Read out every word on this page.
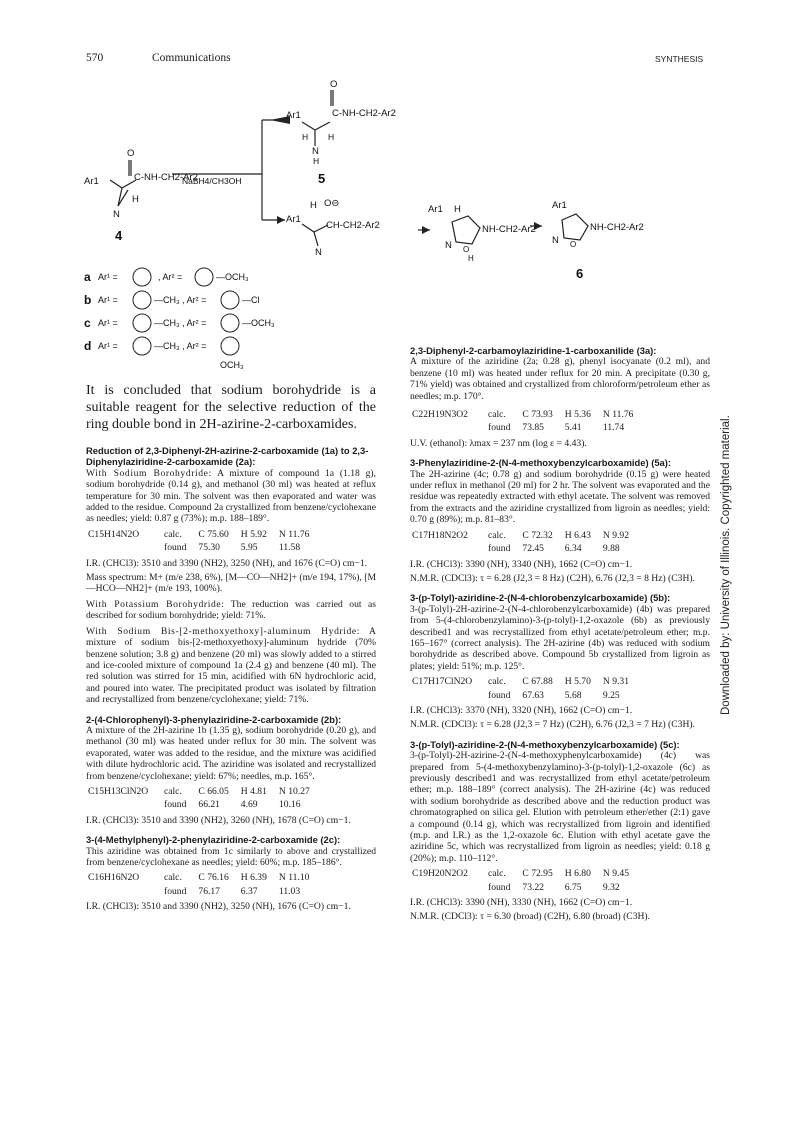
570	Communications	SYNTHESIS
Downloaded by: University of Illinois. Copyrighted material.
Ar1
O
C-NH-CH2-Ar2
H
N
4
NaBH4/CH3OH
Ar1
O
C-NH-CH2-Ar2
H H
N
H
5
Ar1
H O⊖
CH-CH2-Ar2
N
Ar1 H
N O
NH-CH2-Ar2
H
Ar1
N O
NH-CH2-Ar2
6
a Ar¹ =	, Ar² =	—OCH₃
b Ar¹ =	—CH₃ , Ar² =	—Cl
c Ar¹ =	—CH₃ , Ar² =	—OCH₃
d Ar¹ =	—CH₃ , Ar² =
OCH₃

It is concluded that sodium borohydride is a suitable reagent for the selective reduction of the ring double bond in 2H-azirine-2-carboxamides.

Reduction of 2,3-Diphenyl-2H-azirine-2-carboxamide (1a) to 2,3-Diphenylaziridine-2-carboxamide (2a):

With Sodium Borohydride: A mixture of compound 1a (1.18 g), sodium borohydride (0.14 g), and methanol (30 ml) was heated at reflux temperature for 30 min. The solvent was then evaporated and water was added to the residue. Compound 2a crystallized from benzene/cyclohexane as needles; yield: 0.87 g (73%); m.p. 188–189°.

C15H14N2O	calc.	C 75.60	H 5.92	N 11.76
	found	75.30	5.95	11.58

I.R. (CHCl3): 3510 and 3390 (NH2), 3250 (NH), and 1676 (C=O) cm−1.

Mass spectrum: M+ (m/e 238, 6%), [M—CO—NH2]+ (m/e 194, 17%), [M—HCO—NH2]+ (m/e 193, 100%).

With Potassium Borohydride: The reduction was carried out as described for sodium borohydride; yield: 71%.

With Sodium Bis-[2-methoxyethoxy]-aluminum Hydride: A mixture of sodium bis-[2-methoxyethoxy]-aluminum hydride (70% benzene solution; 3.8 g) and benzene (20 ml) was slowly added to a stirred and ice-cooled mixture of compound 1a (2.4 g) and benzene (40 ml). The red solution was stirred for 15 min, acidified with 6N hydrochloric acid, and poured into water. The precipitated product was isolated by filtration and recrystallized from benzene/cyclohexane; yield: 71%.

2-(4-Chlorophenyl)-3-phenylaziridine-2-carboxamide (2b):

A mixture of the 2H-azirine 1b (1.35 g), sodium borohydride (0.20 g), and methanol (30 ml) was heated under reflux for 30 min. The solvent was evaporated, water was added to the residue, and the mixture was acidified with dilute hydrochloric acid. The aziridine was isolated and recrystallized from benzene/cyclohexane; yield: 67%; needles, m.p. 165°.

C15H13ClN2O	calc.	C 66.05	H 4.81	N 10.27
	found	66.21	4.69	10.16

I.R. (CHCl3): 3510 and 3390 (NH2), 3260 (NH), 1678 (C=O) cm−1.

3-(4-Methylphenyl)-2-phenylaziridine-2-carboxamide (2c):

This aziridine was obtained from 1c similarly to above and crystallized from benzene/cyclohexane as needles; yield: 60%; m.p. 185–186°.

C16H16N2O	calc.	C 76.16	H 6.39	N 11.10
	found	76.17	6.37	11.03

I.R. (CHCl3): 3510 and 3390 (NH2), 3250 (NH), 1676 (C=O) cm−1.

2,3-Diphenyl-2-carbamoylaziridine-1-carboxanilide (3a):

A mixture of the aziridine (2a; 0.28 g), phenyl isocyanate (0.2 ml), and benzene (10 ml) was heated under reflux for 20 min. A precipitate (0.30 g, 71% yield) was obtained and crystallized from chloroform/petroleum ether as needles; m.p. 170°.

C22H19N3O2	calc.	C 73.93	H 5.36	N 11.76
	found	73.85	5.41	11.74

U.V. (ethanol): λmax = 237 nm (log ε = 4.43).

3-Phenylaziridine-2-(N-4-methoxybenzylcarboxamide) (5a):

The 2H-azirine (4c; 0.78 g) and sodium borohydride (0.15 g) were heated under reflux in methanol (20 ml) for 2 hr. The solvent was evaporated and the residue was repeatedly extracted with ethyl acetate. The solvent was removed from the extracts and the aziridine crystallized from ligroin as needles; yield: 0.70 g (89%); m.p. 81–83°.

C17H18N2O2	calc.	C 72.32	H 6.43	N 9.92
	found	72.45	6.34	9.88

I.R. (CHCl3): 3390 (NH), 3340 (NH), 1662 (C=O) cm−1.

N.M.R. (CDCl3): τ = 6.28 (J2,3 = 8 Hz) (C2H), 6.76 (J2,3 = 8 Hz) (C3H).

3-(p-Tolyl)-aziridine-2-(N-4-chlorobenzylcarboxamide) (5b):

3-(p-Tolyl)-2H-azirine-2-(N-4-chlorobenzylcarboxamide) (4b) was prepared from 5-(4-chlorobenzylamino)-3-(p-tolyl)-1,2-oxazole (6b) as previously described1 and was recrystallized from ethyl acetate/petroleum ether; m.p. 165–167° (correct analysis). The 2H-azirine (4b) was reduced with sodium borohydride as described above. Compound 5b crystallized from ligroin as plates; yield: 51%; m.p. 125°.

C17H17ClN2O	calc.	C 67.88	H 5.70	N 9.31
	found	67.63	5.68	9.25

I.R. (CHCl3): 3370 (NH), 3320 (NH), 1662 (C=O) cm−1.

N.M.R. (CDCl3): τ = 6.28 (J2,3 = 7 Hz) (C2H), 6.76 (J2,3 = 7 Hz) (C3H).

3-(p-Tolyl)-aziridine-2-(N-4-methoxybenzylcarboxamide) (5c):

3-(p-Tolyl)-2H-azirine-2-(N-4-methoxyphenylcarboxamide) (4c) was prepared from 5-(4-methoxybenzylamino)-3-(p-tolyl)-1,2-oxazole (6c) as previously described1 and was recrystallized from ethyl acetate/petroleum ether; m.p. 188–189° (correct analysis). The 2H-azirine (4c) was reduced with sodium borohydride as described above and the reduction product was chromatographed on silica gel. Elution with petroleum ether/ether (2:1) gave a compound (0.14 g), which was recrystallized from ligroin and identified (m.p. and I.R.) as the 1,2-oxazole 6c. Elution with ethyl acetate gave the aziridine 5c, which was recrystallized from ligroin as needles; yield: 0.18 g (20%); m.p. 110–112°.

C19H20N2O2	calc.	C 72.95	H 6.80	N 9.45
	found	73.22	6.75	9.32

I.R. (CHCl3): 3390 (NH), 3330 (NH), 1662 (C=O) cm−1.

N.M.R. (CDCl3): τ = 6.30 (broad) (C2H), 6.80 (broad) (C3H).
